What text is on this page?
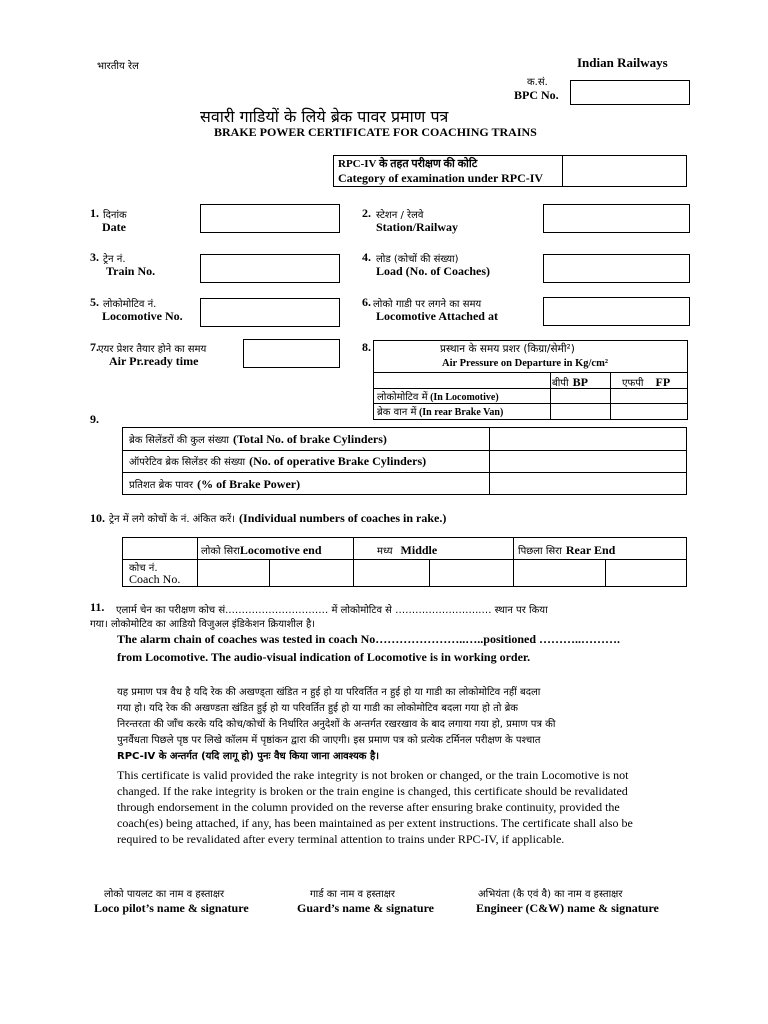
भारतीय रेल	Indian Railways
क.सं.
BPC No.
सवारी गाडियों के लिये ब्रेक पावर प्रमाण पत्र
BRAKE POWER CERTIFICATE FOR COACHING TRAINS
RPC-IV के तहत परीक्षण की कोटि
Category of examination under RPC-IV
1. दिनांक
Date
2. स्टेशन / रेलवे
Station/Railway
3. ट्रेन नं.
Train No.
4. लोड (कोचों की संख्या)
Load (No. of Coaches)
5. लोकोमोटिव नं.
Locomotive No.
6. लोको गाडी पर लगने का समय
Locomotive Attached at
7. एयर प्रेशर तैयार होने का समय
Air Pr.ready time
8.	प्रस्थान के समय प्रशर (किग्रा/सेमी²)
Air Pressure on Departure in Kg/cm²
बीपी BP	एफपी FP
लोकोमोटिव में (In Locomotive)
ब्रेक वान में (In rear Brake Van)
9.
ब्रेक सिलेंडरों की कुल संख्या (Total No. of brake Cylinders)
ऑपरेटिव ब्रेक सिलेंडर की संख्या (No. of operative Brake Cylinders)
प्रतिशत ब्रेक पावर (% of Brake Power)
10. ट्रेन में लगे कोचों के नं. अंकित करें। (Individual numbers of coaches in rake.)
लोको सिराLocomotive end	मध्य Middle	पिछला सिरा Rear End
कोच नं.
Coach No.
11. एलार्म चेन का परीक्षण कोच सं.………………………… में लोकोमोटिव से ……………………..… स्थान पर किया
गया। लोकोमोटिव का आडियो विजुअल इंडिकेशन क्रियाशील है।
The alarm chain of coaches was tested in coach No…………………..…..positioned ………..……….
from Locomotive. The audio-visual indication of Locomotive is in working order.
यह प्रमाण पत्र वैध है यदि रेक की अखण्ड्ता खंडित न हुई हो या परिवर्तित न हुई हो या गाडी का लोकोमोटिव नहीं बदला
गया हो। यदि रेक की अखण्डता खंडित हुई हो या परिवर्तित हुई हो या गाडी का लोकोमोटिव बदला गया हो तो ब्रेक
निरन्तरता की जाँच करके यदि कोच/कोचों के निर्धारित अनुदेशों के अन्तर्गत रखरखाव के बाद लगाया गया हो, प्रमाण पत्र की
पुनर्वैधता पिछले पृष्ठ पर लिखे कॉलम में पृष्ठांकन द्वारा की जाएगी। इस प्रमाण पत्र को प्रत्येक टर्मिनल परीक्षण के पश्चात
RPC-IV के अन्तर्गत (यदि लागू हो) पुनः वैध किया जाना आवश्यक है।
This certificate is valid provided the rake integrity is not broken or changed, or the train Locomotive is not
changed. If the rake integrity is broken or the train engine is changed, this certificate should be revalidated
through endorsement in the column provided on the reverse after ensuring brake continuity, provided the
coach(es) being attached, if any, has been maintained as per extent instructions. The certificate shall also be
required to be revalidated after every terminal attention to trains under RPC-IV, if applicable.
लोको पायलट का नाम व हस्ताक्षर
Loco pilot’s name & signature
गार्ड का नाम व हस्ताक्षर
Guard’s name & signature
अभियंता (कै एवं वै) का नाम व हस्ताक्षर
Engineer (C&W) name & signature
